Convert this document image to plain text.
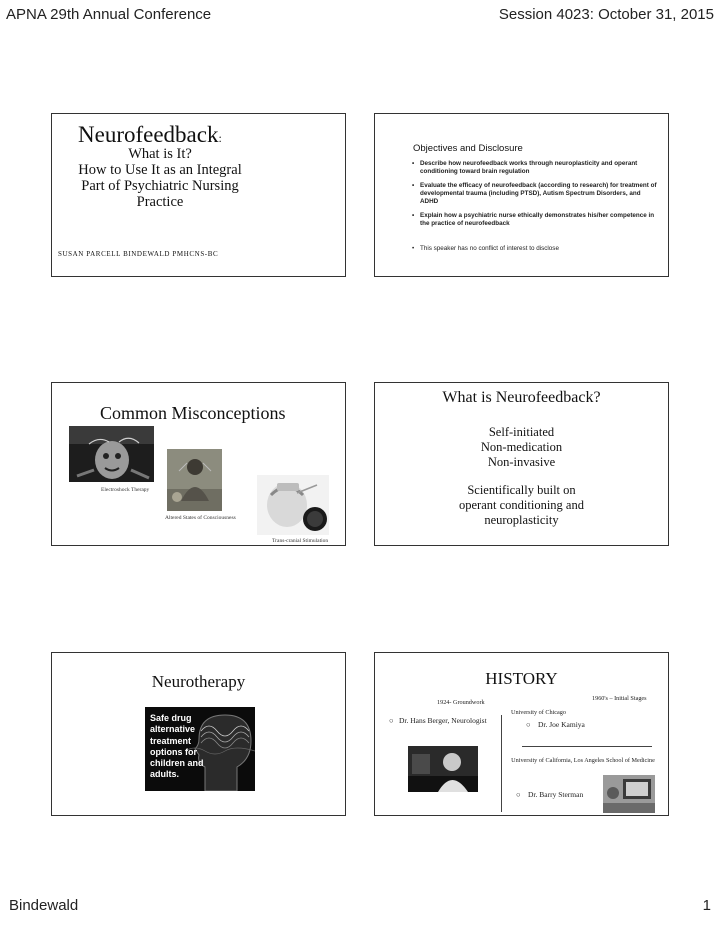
APNA 29th Annual Conference	Session 4023: October 31, 2015
Neurofeedback:
What is It?
How to Use It as an Integral
Part of Psychiatric Nursing
Practice
SUSAN PARCELL BINDEWALD PMHCNS-BC
Objectives and Disclosure
• Describe how neurofeedback works through neuroplasticity and operant conditioning toward brain regulation
• Evaluate the efficacy of neurofeedback (according to research) for treatment of developmental trauma (including PTSD), Autism Spectrum Disorders, and ADHD
• Explain how a psychiatric nurse ethically demonstrates his/her competence in the practice of neurofeedback
• This speaker has no conflict of interest to disclose
Common Misconceptions
Electroshock Therapy
Altered States of Consciousness
Trans-cranial Stimulation
What is Neurofeedback?
Self-initiated
Non-medication
Non-invasive
Scientifically built on
operant conditioning and
neuroplasticity
Neurotherapy
Safe drug alternative treatment options for children and adults.
HISTORY
1924- Groundwork
1960's – Initial Stages
○ Dr. Hans Berger, Neurologist
University of Chicago
○ Dr. Joe Kamiya
University of California, Los Angeles School of Medicine
○ Dr. Barry Sterman
Bindewald	1
